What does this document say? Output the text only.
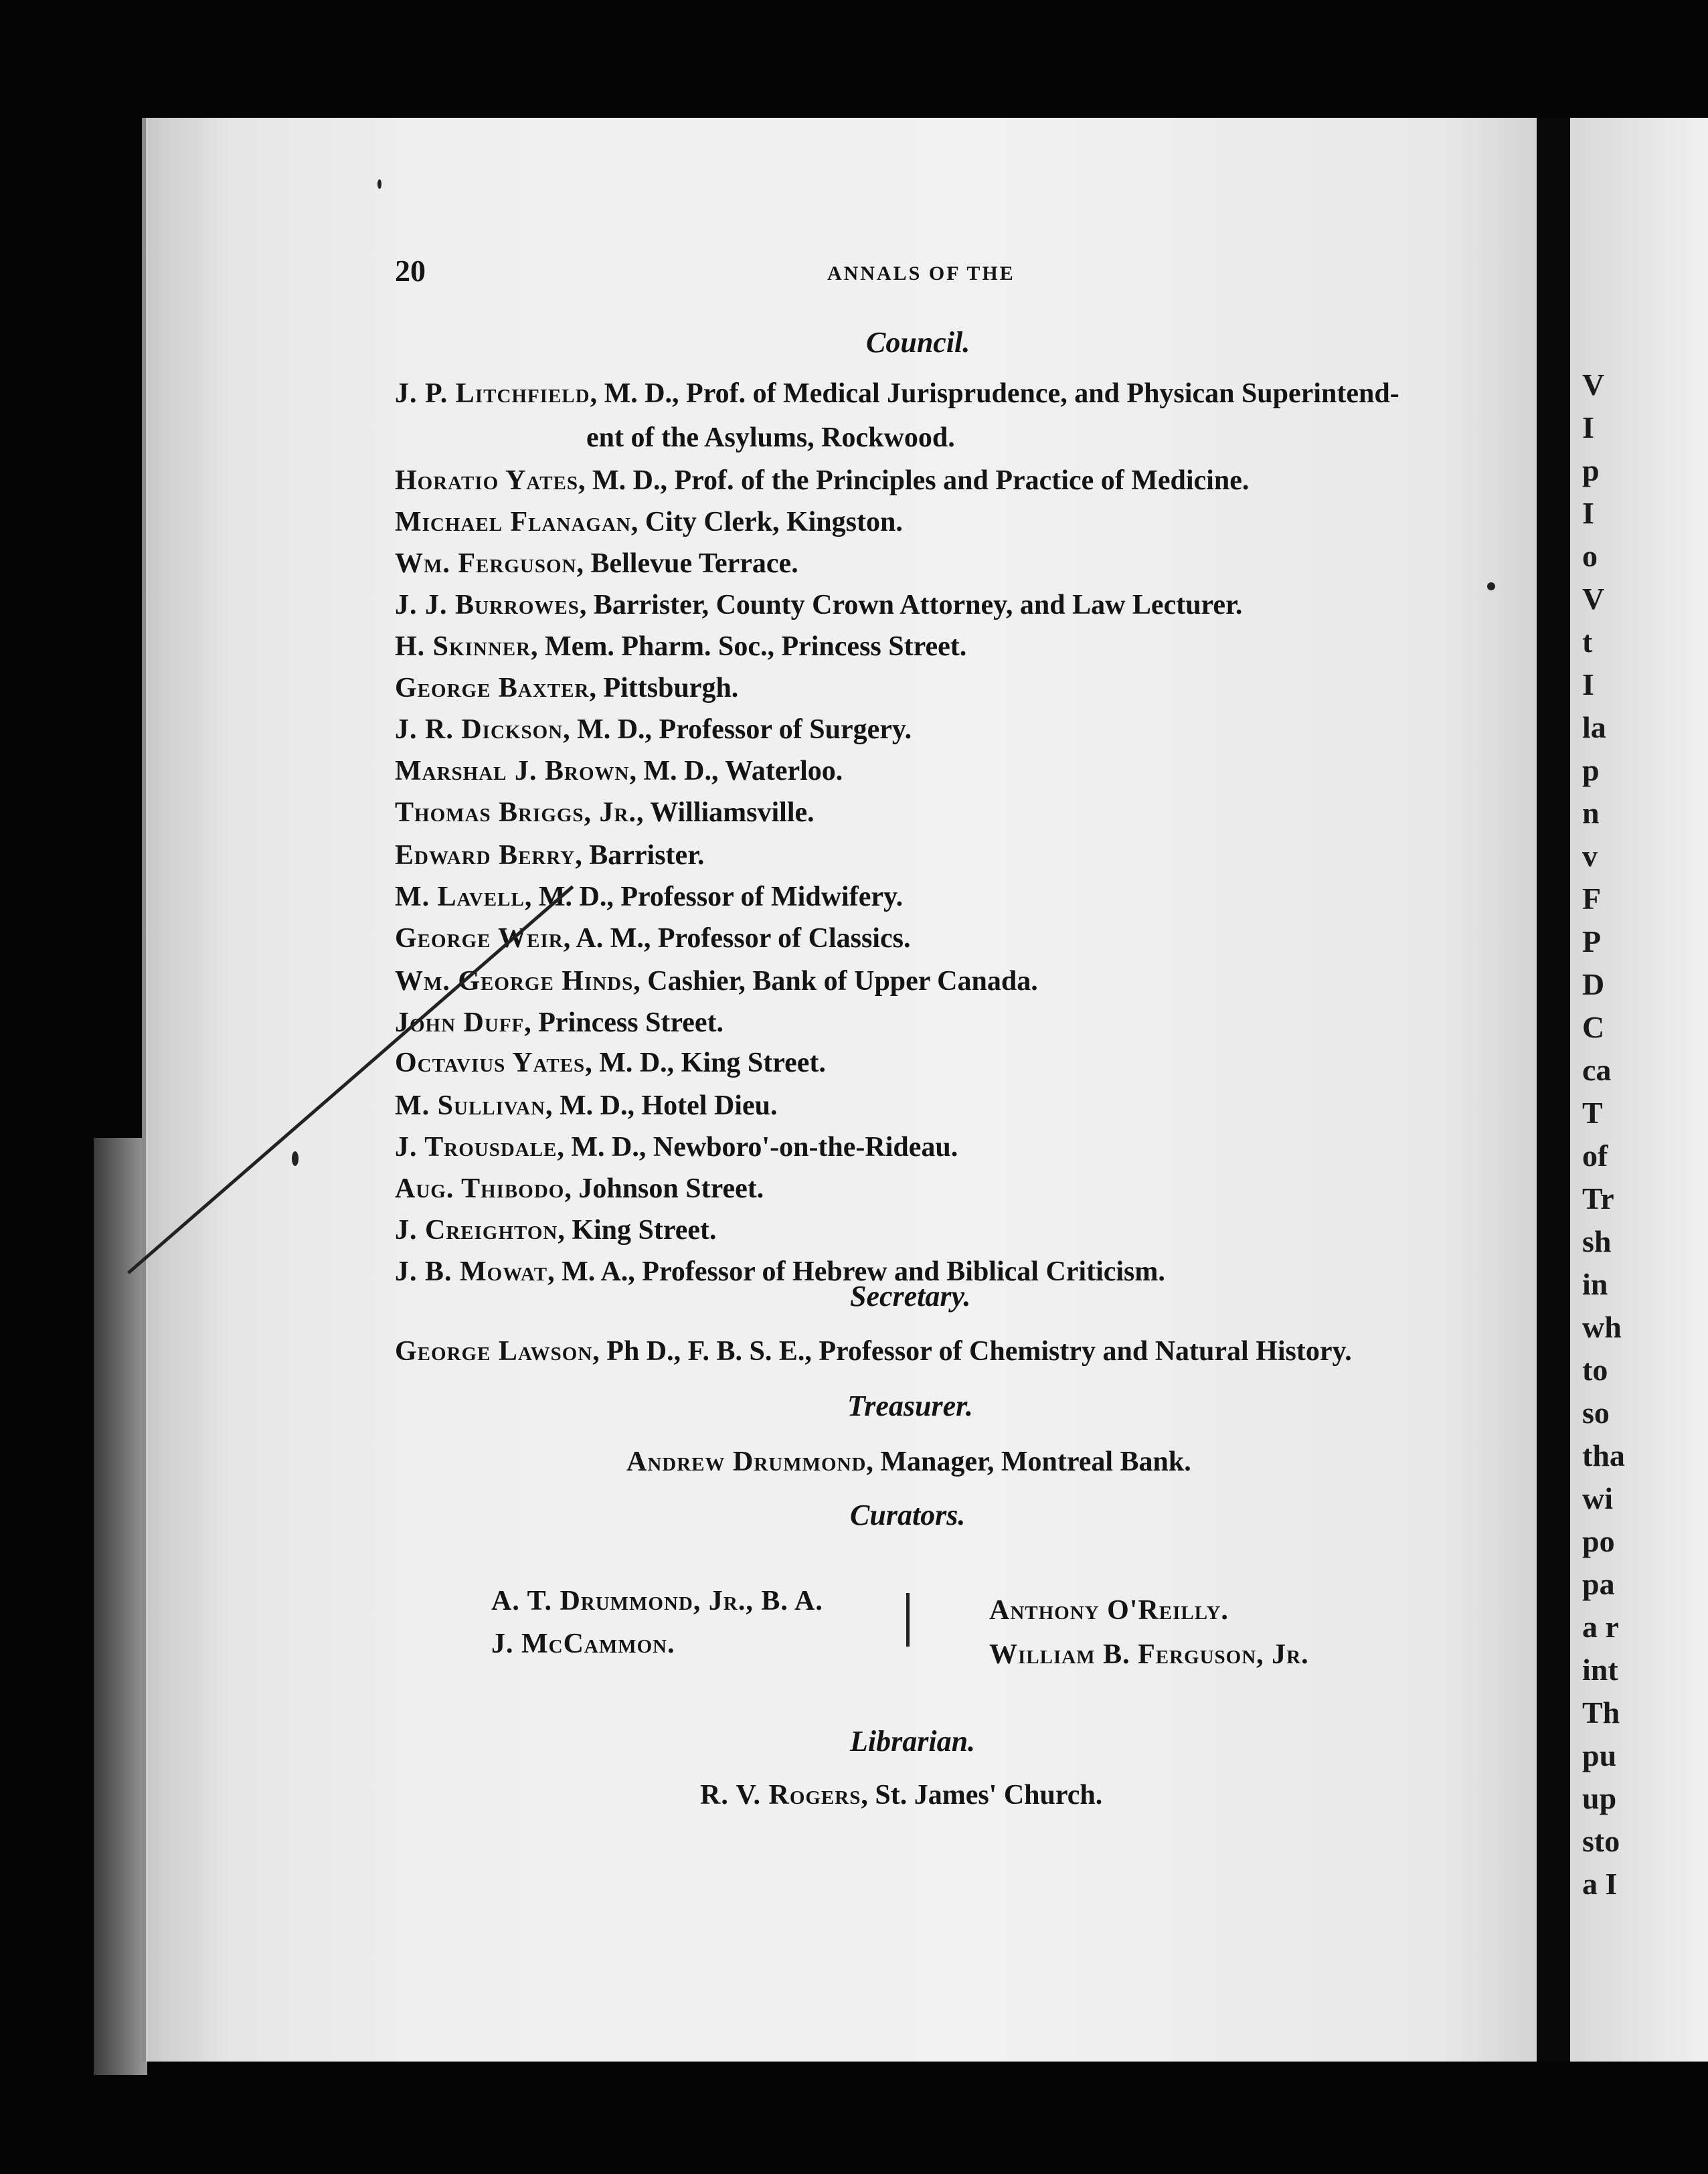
V
I
p
I
o
V
t
I
la
p
n
v
F
P
D
C
ca
T
of
Tr
sh
in
wh
to
so
tha
wi
po
pa
a r
int
Th
pu
up
sto
a I
20	ANNALS OF THE
Council.
J. P. Litchfield, M. D., Prof. of Medical Jurisprudence, and Physican Superintend-
ent of the Asylums, Rockwood.
Horatio Yates, M. D., Prof. of the Principles and Practice of Medicine.
Michael Flanagan, City Clerk, Kingston.
Wm. Ferguson, Bellevue Terrace.
J. J. Burrowes, Barrister, County Crown Attorney, and Law Lecturer.
H. Skinner, Mem. Pharm. Soc., Princess Street.
George Baxter, Pittsburgh.
J. R. Dickson, M. D., Professor of Surgery.
Marshal J. Brown, M. D., Waterloo.
Thomas Briggs, Jr., Williamsville.
Edward Berry, Barrister.
M. Lavell, M. D., Professor of Midwifery.
George Weir, A. M., Professor of Classics.
Wm. George Hinds, Cashier, Bank of Upper Canada.
John Duff, Princess Street.
Octavius Yates, M. D., King Street.
M. Sullivan, M. D., Hotel Dieu.
J. Trousdale, M. D., Newboro'-on-the-Rideau.
Aug. Thibodo, Johnson Street.
J. Creighton, King Street.
J. B. Mowat, M. A., Professor of Hebrew and Biblical Criticism.
Secretary.
George Lawson, Ph D., F. B. S. E., Professor of Chemistry and Natural History.
Treasurer.
Andrew Drummond, Manager, Montreal Bank.
Curators.
A. T. Drummond, Jr., B. A.
J. McCammon.
Anthony O'Reilly.
William B. Ferguson, Jr.
Librarian.
R. V. Rogers, St. James' Church.
